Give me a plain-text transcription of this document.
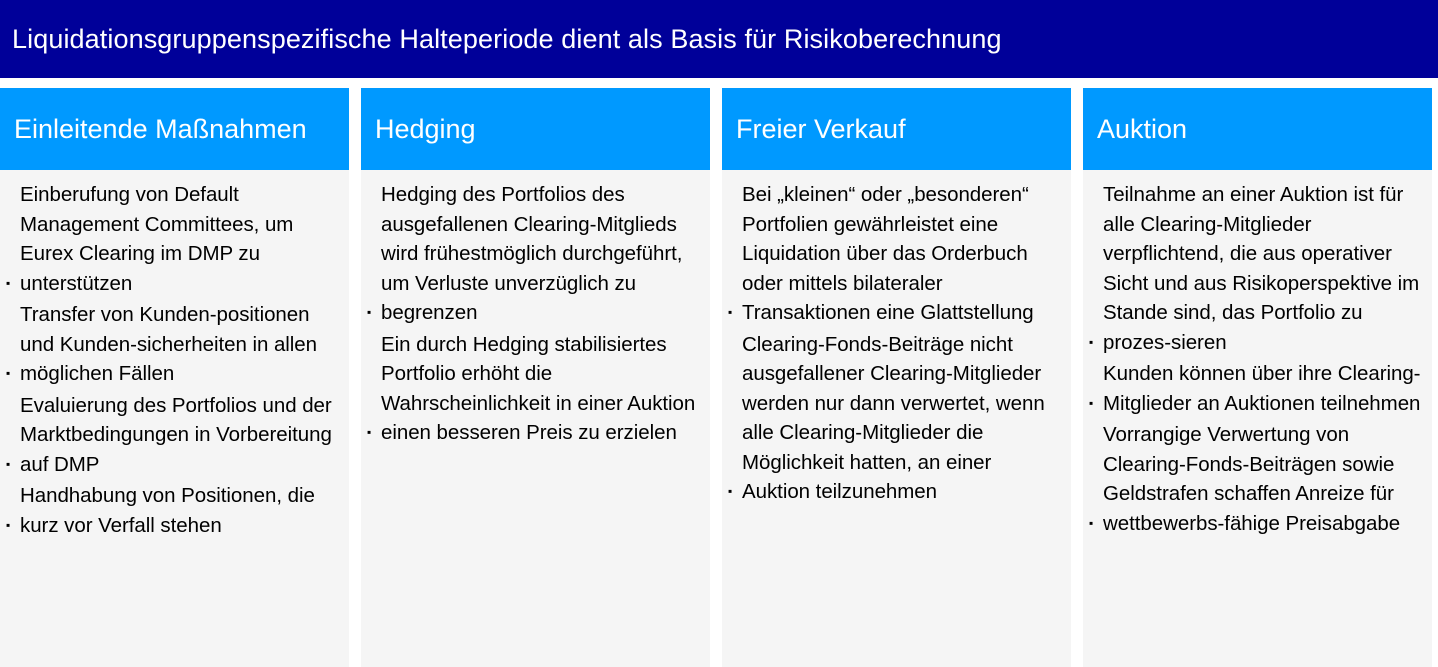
Liquidationsgruppenspezifische Halteperiode dient als Basis für Risikoberechnung
Einleitende Maßnahmen
▪ Einberufung von Default Management Committees, um Eurex Clearing im DMP zu unterstützen
▪ Transfer von Kunden-positionen und Kunden-sicherheiten in allen möglichen Fällen
▪ Evaluierung des Portfolios und der Marktbedingungen in Vorbereitung auf DMP
▪ Handhabung von Positionen, die kurz vor Verfall stehen
Hedging
▪ Hedging des Portfolios des ausgefallenen Clearing-Mitglieds wird frühestmöglich durchgeführt, um Verluste unverzüglich zu begrenzen
▪ Ein durch Hedging stabilisiertes Portfolio erhöht die Wahrscheinlichkeit in einer Auktion einen besseren Preis zu erzielen
Freier Verkauf
▪ Bei „kleinen“ oder „besonderen“ Portfolien gewährleistet eine Liquidation über das Orderbuch oder mittels bilateraler Transaktionen eine Glattstellung
▪ Clearing-Fonds-Beiträge nicht ausgefallener Clearing-Mitglieder werden nur dann verwertet, wenn alle Clearing-Mitglieder die Möglichkeit hatten, an einer Auktion teilzunehmen
Auktion
▪ Teilnahme an einer Auktion ist für alle Clearing-Mitglieder verpflichtend, die aus operativer Sicht und aus Risikoperspektive im Stande sind, das Portfolio zu prozes-sieren
▪ Kunden können über ihre Clearing-Mitglieder an Auktionen teilnehmen
▪ Vorrangige Verwertung von Clearing-Fonds-Beiträgen sowie Geldstrafen schaffen Anreize für wettbewerbs-fähige Preisabgabe
